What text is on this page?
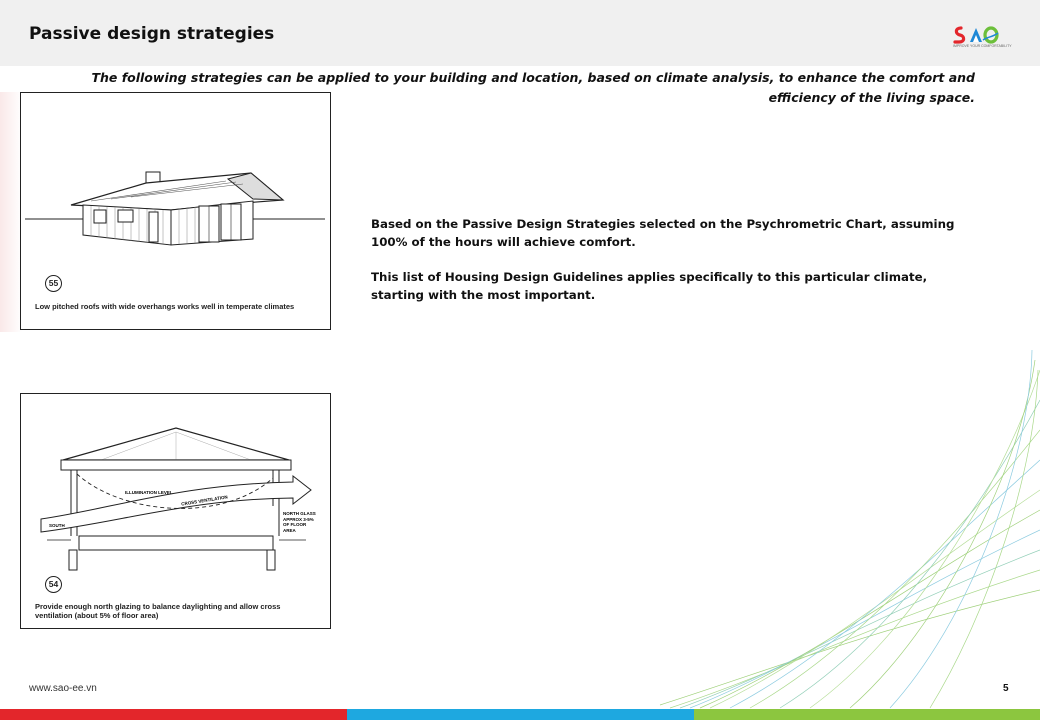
Passive design strategies
IMPROVE YOUR COMFORTABILITY
The following strategies can be applied to your building and location, based on climate analysis, to enhance the comfort and efficiency of the living space.
55
Low pitched roofs with wide overhangs works well in temperate climates
ILLUMINATION LEVEL
CROSS VENTILATION
SOUTH
NORTH GLASS
APPROX 3-5%
OF FLOOR
AREA
54
Provide enough north glazing to balance daylighting and allow cross ventilation (about 5% of floor area)
Based on the Passive Design Strategies selected on the Psychrometric Chart, assuming 100% of the hours will achieve comfort.
This list of Housing Design Guidelines applies specifically to this particular climate, starting with the most important.
www.sao-ee.vn	5
